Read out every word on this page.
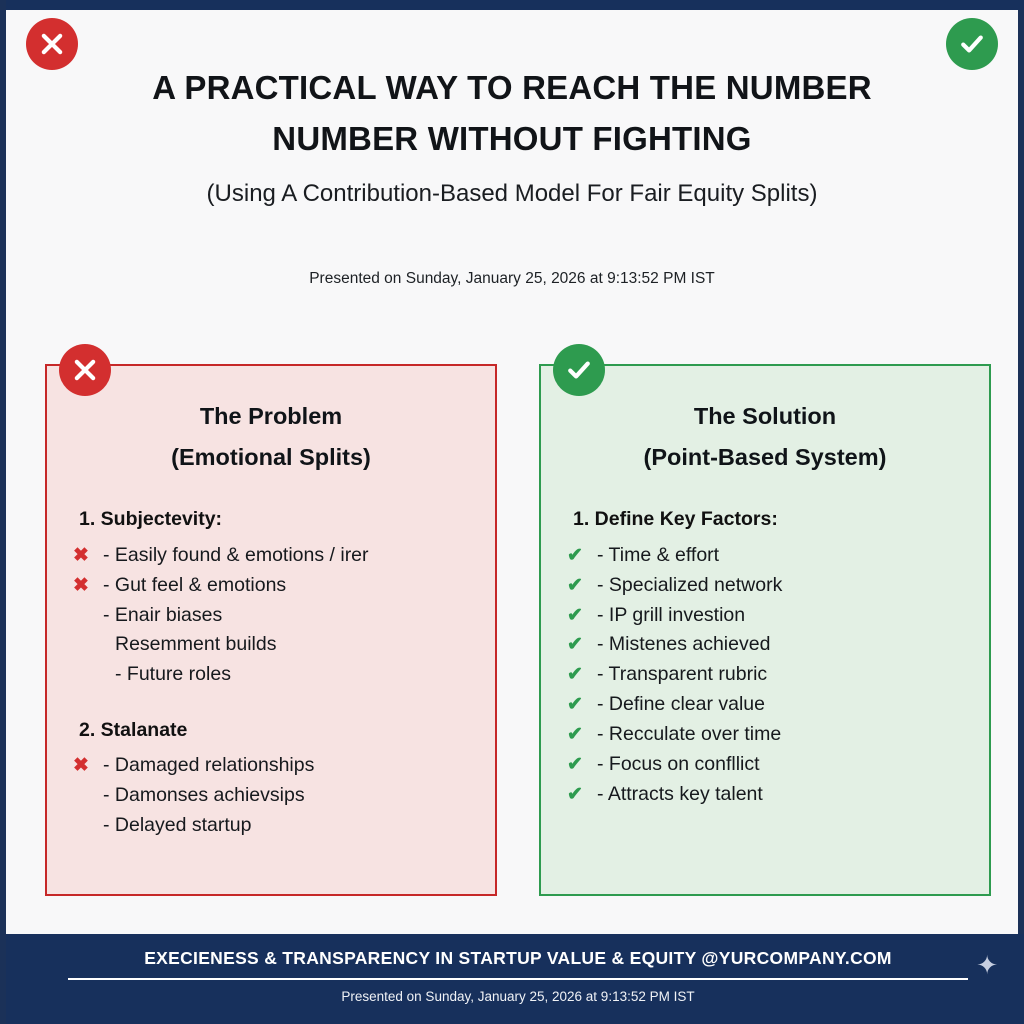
A PRACTICAL WAY TO REACH THE NUMBER
NUMBER WITHOUT FIGHTING
(Using A Contribution-Based Model For Fair Equity Splits)
Presented on Sunday, January 25, 2026 at 9:13:52 PM IST
The Problem
(Emotional Splits)
1. Subjectevity:
✖ - Easily found & emotions / irer
✖ - Gut feel & emotions
- Enair biases
Resemment builds
- Future roles
2. Stalanate
✖ - Damaged relationships
- Damonses achievsips
- Delayed startup
The Solution
(Point-Based System)
1. Define Key Factors:
✔ - Time & effort
✔ - Specialized network
✔ - IP grill investion
✔ - Mistenes achieved
✔ - Transparent rubric
✔ - Define clear value
✔ - Recculate over time
✔ - Focus on confllict
✔ - Attracts key talent
EXECIENESS & TRANSPARENCY IN STARTUP VALUE & EQUITY @YURCOMPANY.COM
Presented on Sunday, January 25, 2026 at 9:13:52 PM IST
✦
